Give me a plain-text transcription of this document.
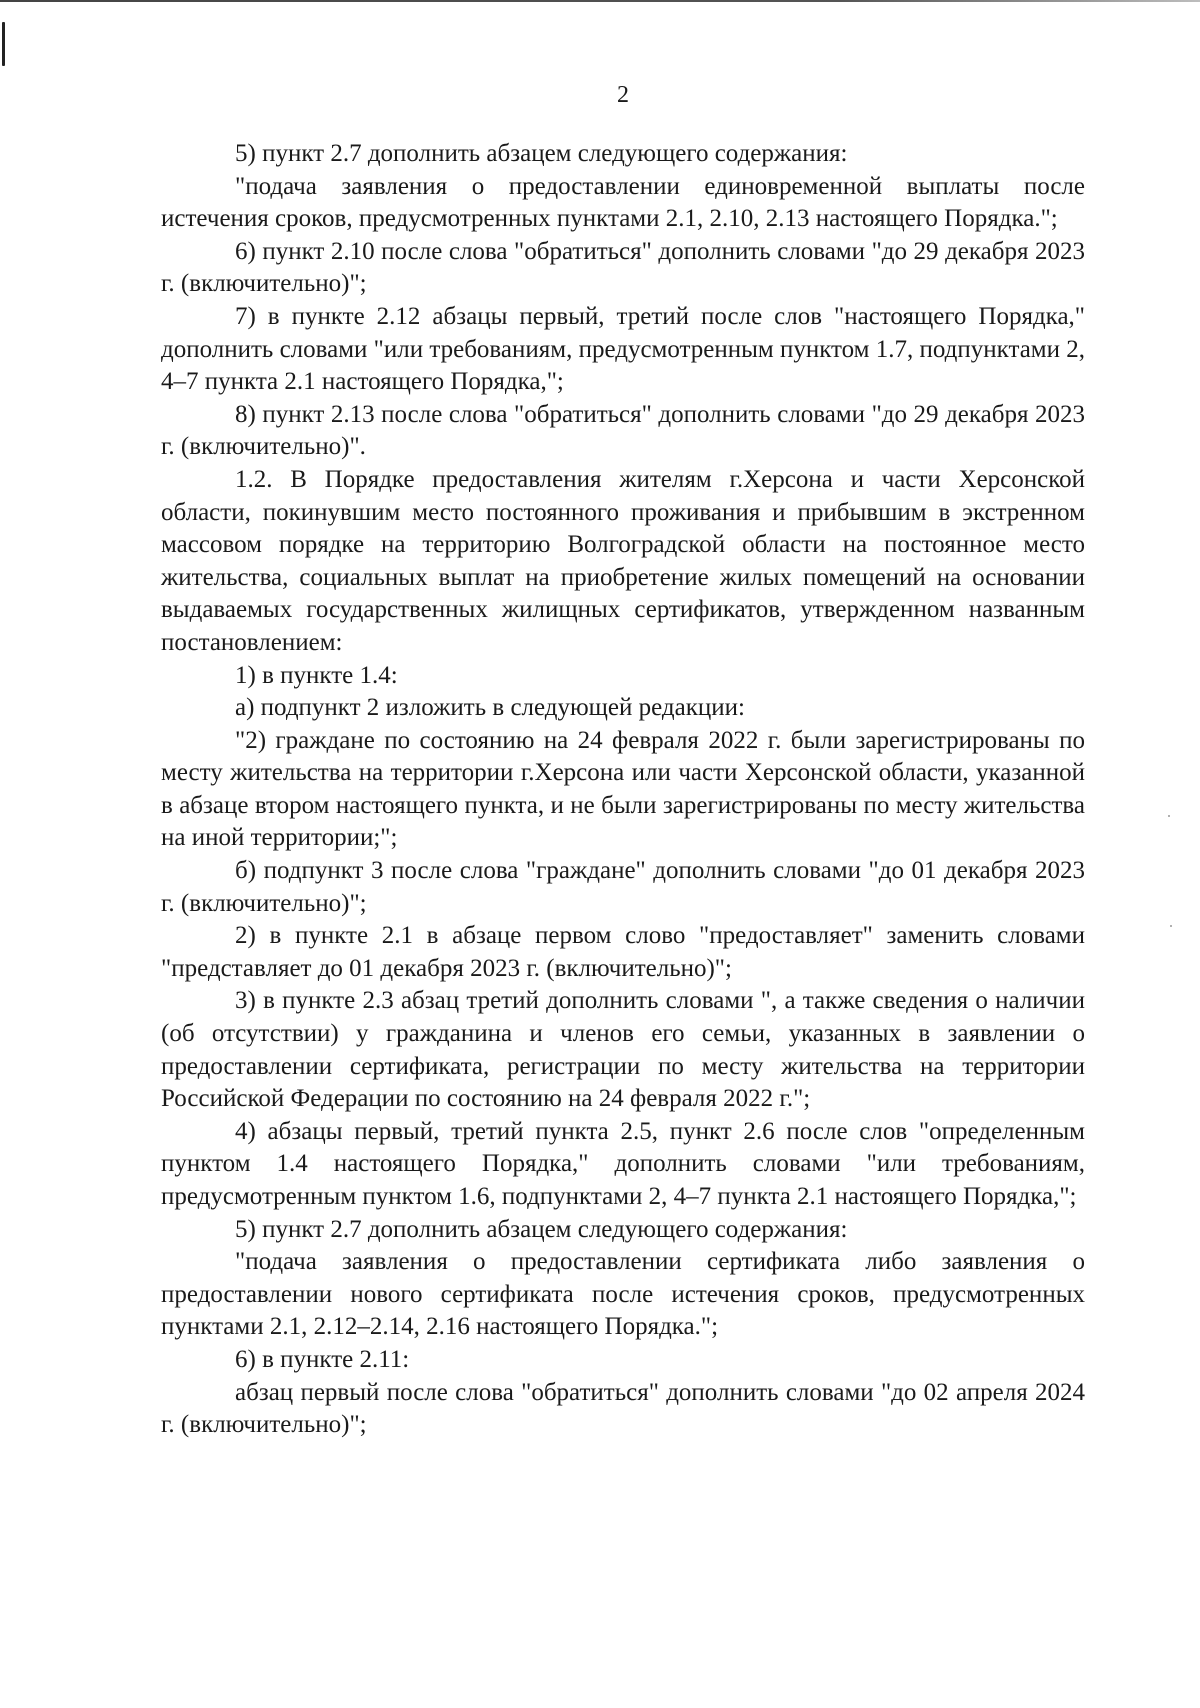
2

5) пункт 2.7 дополнить абзацем следующего содержания:

"подача заявления о предоставлении единовременной выплаты после истечения сроков, предусмотренных пунктами 2.1, 2.10, 2.13 настоящего Порядка.";

6) пункт 2.10 после слова "обратиться" дополнить словами "до 29 декабря 2023 г. (включительно)";

7) в пункте 2.12 абзацы первый, третий после слов "настоящего Порядка," дополнить словами "или требованиям, предусмотренным пунктом 1.7, подпунктами 2, 4–7 пункта 2.1 настоящего Порядка,";

8) пункт 2.13 после слова "обратиться" дополнить словами "до 29 декабря 2023 г. (включительно)".

1.2. В Порядке предоставления жителям г.Херсона и части Херсонской области, покинувшим место постоянного проживания и прибывшим в экстренном массовом порядке на территорию Волгоградской области на постоянное место жительства, социальных выплат на приобретение жилых помещений на основании выдаваемых государственных жилищных сертификатов, утвержденном названным постановлением:

1) в пункте 1.4:

а) подпункт 2 изложить в следующей редакции:

"2) граждане по состоянию на 24 февраля 2022 г. были зарегистрированы по месту жительства на территории г.Херсона или части Херсонской области, указанной в абзаце втором настоящего пункта, и не были зарегистрированы по месту жительства на иной территории;";

б) подпункт 3 после слова "граждане" дополнить словами "до 01 декабря 2023 г. (включительно)";

2) в пункте 2.1 в абзаце первом слово "предоставляет" заменить словами "представляет до 01 декабря 2023 г. (включительно)";

3) в пункте 2.3 абзац третий дополнить словами ", а также сведения о наличии (об отсутствии) у гражданина и членов его семьи, указанных в заявлении о предоставлении сертификата, регистрации по месту жительства на территории Российской Федерации по состоянию на 24 февраля 2022 г.";

4) абзацы первый, третий пункта 2.5, пункт 2.6 после слов "определенным пунктом 1.4 настоящего Порядка," дополнить словами "или требованиям, предусмотренным пунктом 1.6, подпунктами 2, 4–7 пункта 2.1 настоящего Порядка,";

5) пункт 2.7 дополнить абзацем следующего содержания:

"подача заявления о предоставлении сертификата либо заявления о предоставлении нового сертификата после истечения сроков, предусмотренных пунктами 2.1, 2.12–2.14, 2.16 настоящего Порядка.";

6) в пункте 2.11:

абзац первый после слова "обратиться" дополнить словами "до 02 апреля 2024 г. (включительно)";
